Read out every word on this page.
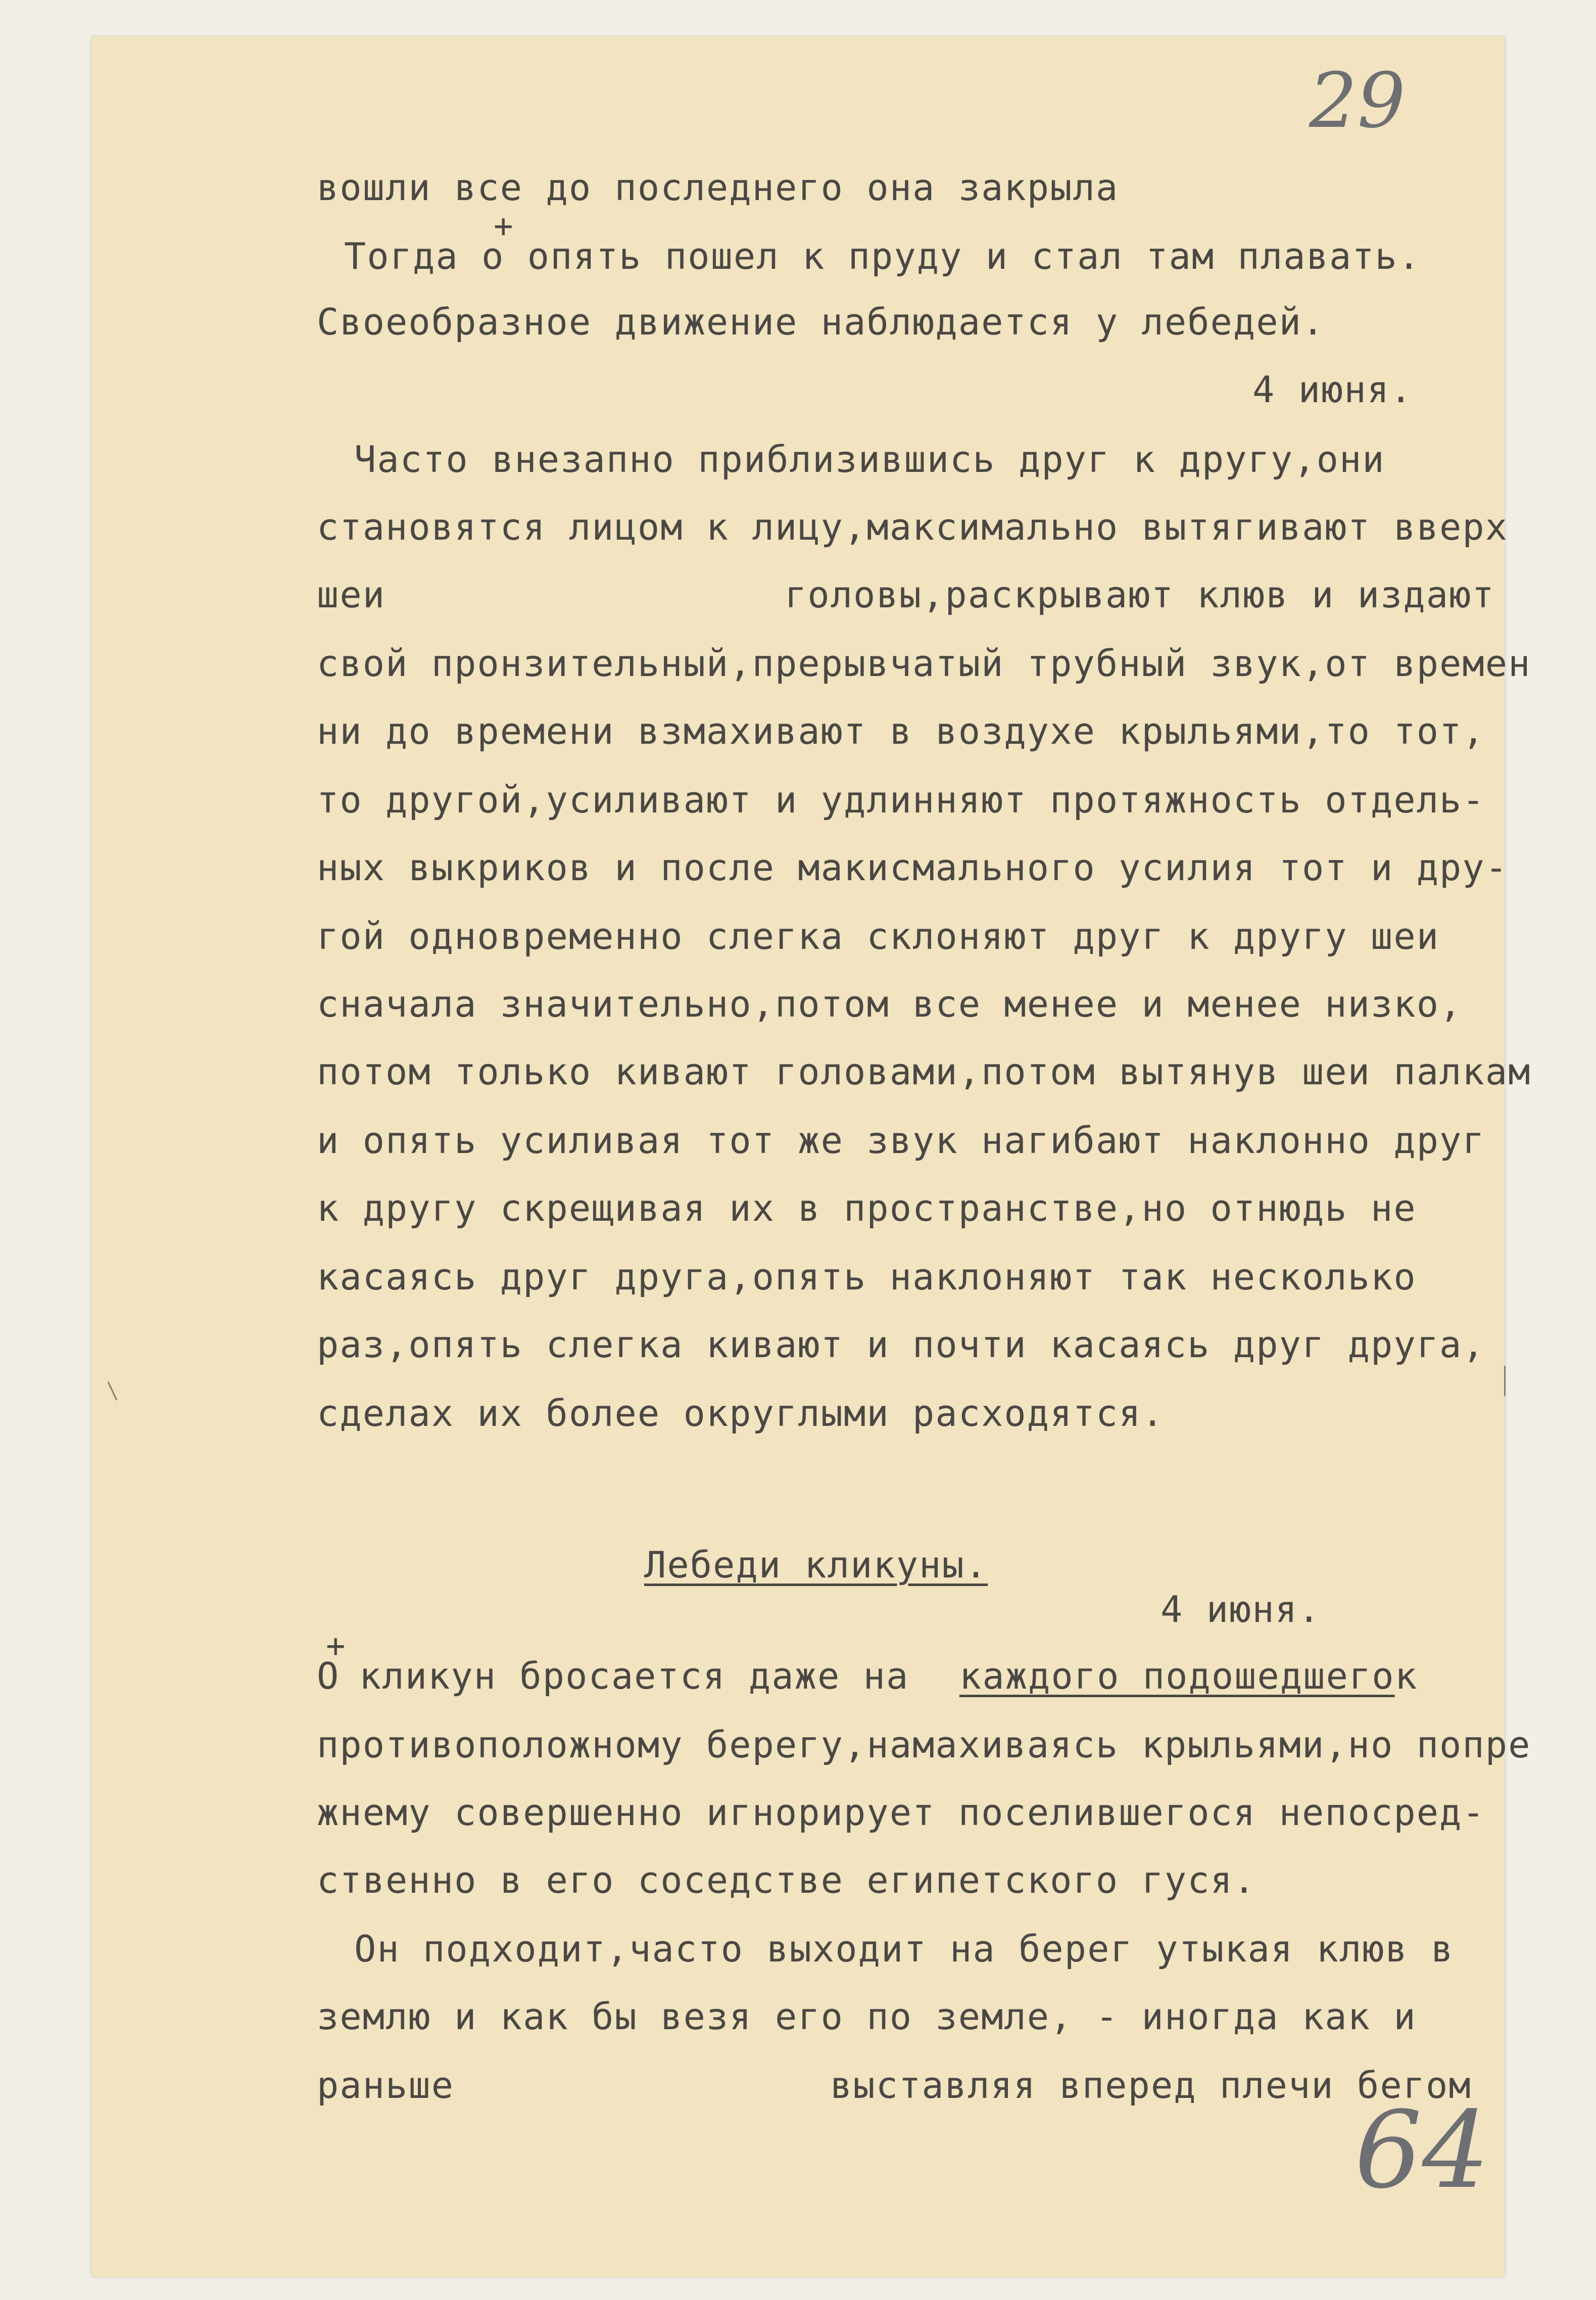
29
вошли все до последнего она закрыла
+
Тогда о опять пошел к пруду и стал там плавать.
Своеобразное движение наблюдается у лебедей.
4 июня.
Часто внезапно приблизившись друг к другу,они
становятся лицом к лицу,максимально вытягивают вверх
шеи	головы,раскрывают клюв и издают
свой пронзительный,прерывчатый трубный звук,от времен
ни до времени взмахивают в воздухе крыльями,то тот,
то другой,усиливают и удлинняют протяжность отдель-
ных выкриков и после макисмального усилия тот и дру-
гой одновременно слегка склоняют друг к другу шеи
сначала значительно,потом все менее и менее низко,
потом только кивают головами,потом вытянув шеи палкам
и опять усиливая тот же звук нагибают наклонно друг
к другу скрещивая их в пространстве,но отнюдь не
касаясь друг друга,опять наклоняют так несколько
раз,опять слегка кивают и почти касаясь друг друга,
сделах их более округлыми расходятся.
Лебеди кликуны.
4 июня.
+
О кликун бросается даже на каждого подошедшего к
противоположному берегу,намахиваясь крыльями,но попре
жнему совершенно игнорирует поселившегося непосред-
ственно в его соседстве египетского гуся.
Он подходит,часто выходит на берег утыкая клюв в
землю и как бы везя его по земле, - иногда как и
раньше	выставляя вперед плечи бегом
64
